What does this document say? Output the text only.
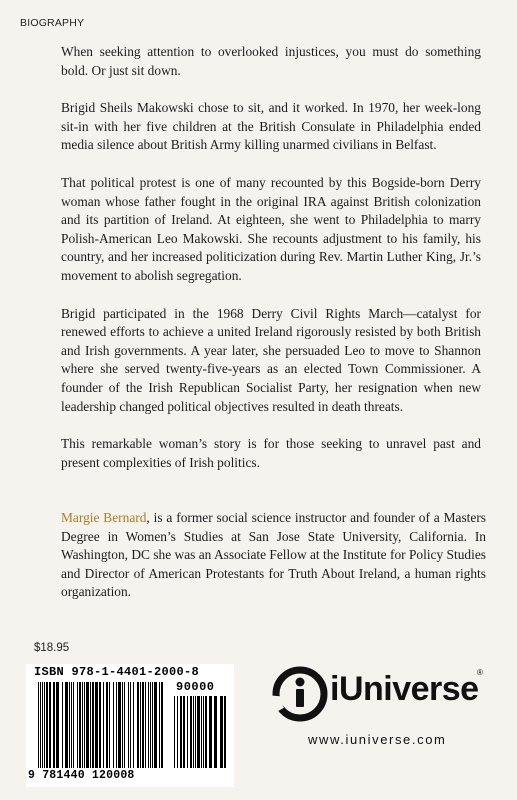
BIOGRAPHY

When seeking attention to overlooked injustices, you must do something bold. Or just sit down.

Brigid Sheils Makowski chose to sit, and it worked. In 1970, her week-long sit-in with her five children at the British Consulate in Philadelphia ended media silence about British Army killing unarmed civilians in Belfast.

That political protest is one of many recounted by this Bogside-born Derry woman whose father fought in the original IRA against British colonization and its partition of Ireland. At eighteen, she went to Philadelphia to marry Polish-American Leo Makowski. She recounts adjustment to his family, his country, and her increased politicization during Rev. Martin Luther King, Jr.’s movement to abolish segregation.

Brigid participated in the 1968 Derry Civil Rights March—catalyst for renewed efforts to achieve a united Ireland rigorously resisted by both British and Irish governments. A year later, she persuaded Leo to move to Shannon where she served twenty-five-years as an elected Town Commissioner. A founder of the Irish Republican Socialist Party, her resignation when new leadership changed political objectives resulted in death threats.

This remarkable woman’s story is for those seeking to unravel past and present complexities of Irish politics.

Margie Bernard, is a former social science instructor and founder of a Masters Degree in Women’s Studies at San Jose State University, California. In Washington, DC she was an Associate Fellow at the Institute for Policy Studies and Director of American Protestants for Truth About Ireland, a human rights organization.

$18.95
ISBN 978-1-4401-2000-8
90000
9 781440 120008
iUniverse
®
www.iuniverse.com
